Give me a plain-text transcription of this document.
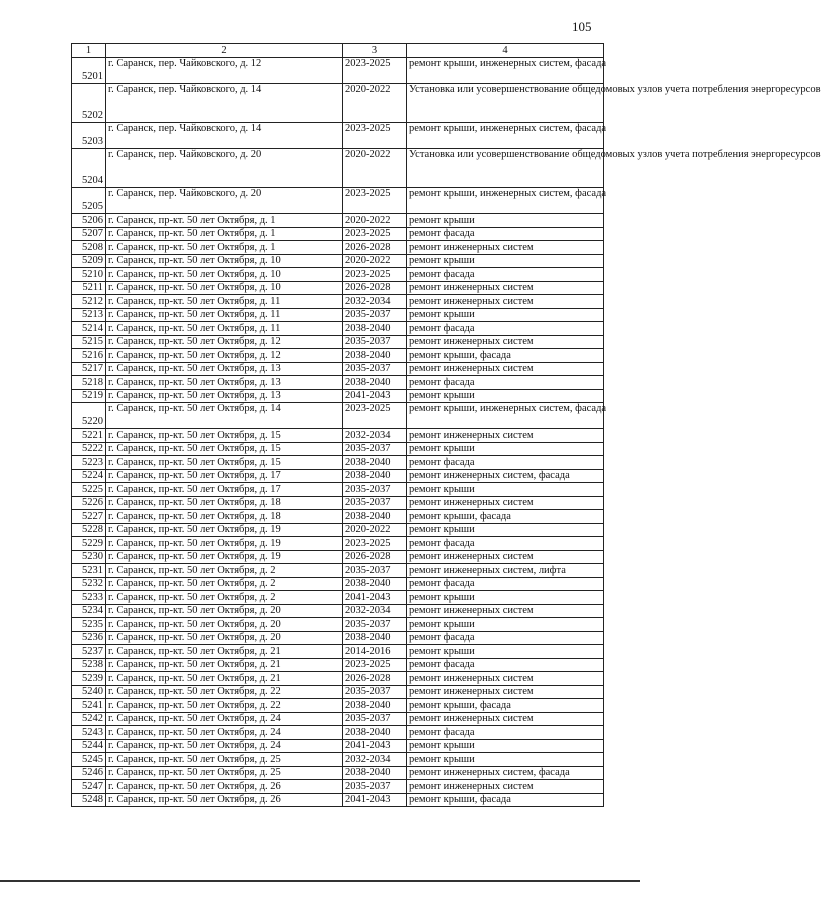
105
1	2	3	4
5201	г. Саранск, пер. Чайковского, д. 12	2023-2025	ремонт крыши, инженерных систем, фасада
5202	г. Саранск, пер. Чайковского, д. 14	2020-2022	Установка или усовершенствование общедомовых узлов учета потребления энергоресурсов
5203	г. Саранск, пер. Чайковского, д. 14	2023-2025	ремонт крыши, инженерных систем, фасада
5204	г. Саранск, пер. Чайковского, д. 20	2020-2022	Установка или усовершенствование общедомовых узлов учета потребления энергоресурсов
5205	г. Саранск, пер. Чайковского, д. 20	2023-2025	ремонт крыши, инженерных систем, фасада
5206	г. Саранск, пр-кт. 50 лет Октября, д. 1	2020-2022	ремонт крыши
5207	г. Саранск, пр-кт. 50 лет Октября, д. 1	2023-2025	ремонт фасада
5208	г. Саранск, пр-кт. 50 лет Октября, д. 1	2026-2028	ремонт инженерных систем
5209	г. Саранск, пр-кт. 50 лет Октября, д. 10	2020-2022	ремонт крыши
5210	г. Саранск, пр-кт. 50 лет Октября, д. 10	2023-2025	ремонт фасада
5211	г. Саранск, пр-кт. 50 лет Октября, д. 10	2026-2028	ремонт инженерных систем
5212	г. Саранск, пр-кт. 50 лет Октября, д. 11	2032-2034	ремонт инженерных систем
5213	г. Саранск, пр-кт. 50 лет Октября, д. 11	2035-2037	ремонт крыши
5214	г. Саранск, пр-кт. 50 лет Октября, д. 11	2038-2040	ремонт фасада
5215	г. Саранск, пр-кт. 50 лет Октября, д. 12	2035-2037	ремонт инженерных систем
5216	г. Саранск, пр-кт. 50 лет Октября, д. 12	2038-2040	ремонт крыши, фасада
5217	г. Саранск, пр-кт. 50 лет Октября, д. 13	2035-2037	ремонт инженерных систем
5218	г. Саранск, пр-кт. 50 лет Октября, д. 13	2038-2040	ремонт фасада
5219	г. Саранск, пр-кт. 50 лет Октября, д. 13	2041-2043	ремонт крыши
5220	г. Саранск, пр-кт. 50 лет Октября, д. 14	2023-2025	ремонт крыши, инженерных систем, фасада
5221	г. Саранск, пр-кт. 50 лет Октября, д. 15	2032-2034	ремонт инженерных систем
5222	г. Саранск, пр-кт. 50 лет Октября, д. 15	2035-2037	ремонт крыши
5223	г. Саранск, пр-кт. 50 лет Октября, д. 15	2038-2040	ремонт фасада
5224	г. Саранск, пр-кт. 50 лет Октября, д. 17	2038-2040	ремонт инженерных систем, фасада
5225	г. Саранск, пр-кт. 50 лет Октября, д. 17	2035-2037	ремонт крыши
5226	г. Саранск, пр-кт. 50 лет Октября, д. 18	2035-2037	ремонт инженерных систем
5227	г. Саранск, пр-кт. 50 лет Октября, д. 18	2038-2040	ремонт крыши, фасада
5228	г. Саранск, пр-кт. 50 лет Октября, д. 19	2020-2022	ремонт крыши
5229	г. Саранск, пр-кт. 50 лет Октября, д. 19	2023-2025	ремонт фасада
5230	г. Саранск, пр-кт. 50 лет Октября, д. 19	2026-2028	ремонт инженерных систем
5231	г. Саранск, пр-кт. 50 лет Октября, д. 2	2035-2037	ремонт инженерных систем, лифта
5232	г. Саранск, пр-кт. 50 лет Октября, д. 2	2038-2040	ремонт фасада
5233	г. Саранск, пр-кт. 50 лет Октября, д. 2	2041-2043	ремонт крыши
5234	г. Саранск, пр-кт. 50 лет Октября, д. 20	2032-2034	ремонт инженерных систем
5235	г. Саранск, пр-кт. 50 лет Октября, д. 20	2035-2037	ремонт крыши
5236	г. Саранск, пр-кт. 50 лет Октября, д. 20	2038-2040	ремонт фасада
5237	г. Саранск, пр-кт. 50 лет Октября, д. 21	2014-2016	ремонт крыши
5238	г. Саранск, пр-кт. 50 лет Октября, д. 21	2023-2025	ремонт фасада
5239	г. Саранск, пр-кт. 50 лет Октября, д. 21	2026-2028	ремонт инженерных систем
5240	г. Саранск, пр-кт. 50 лет Октября, д. 22	2035-2037	ремонт инженерных систем
5241	г. Саранск, пр-кт. 50 лет Октября, д. 22	2038-2040	ремонт крыши, фасада
5242	г. Саранск, пр-кт. 50 лет Октября, д. 24	2035-2037	ремонт инженерных систем
5243	г. Саранск, пр-кт. 50 лет Октября, д. 24	2038-2040	ремонт фасада
5244	г. Саранск, пр-кт. 50 лет Октября, д. 24	2041-2043	ремонт крыши
5245	г. Саранск, пр-кт. 50 лет Октября, д. 25	2032-2034	ремонт крыши
5246	г. Саранск, пр-кт. 50 лет Октября, д. 25	2038-2040	ремонт инженерных систем, фасада
5247	г. Саранск, пр-кт. 50 лет Октября, д. 26	2035-2037	ремонт инженерных систем
5248	г. Саранск, пр-кт. 50 лет Октября, д. 26	2041-2043	ремонт крыши, фасада
